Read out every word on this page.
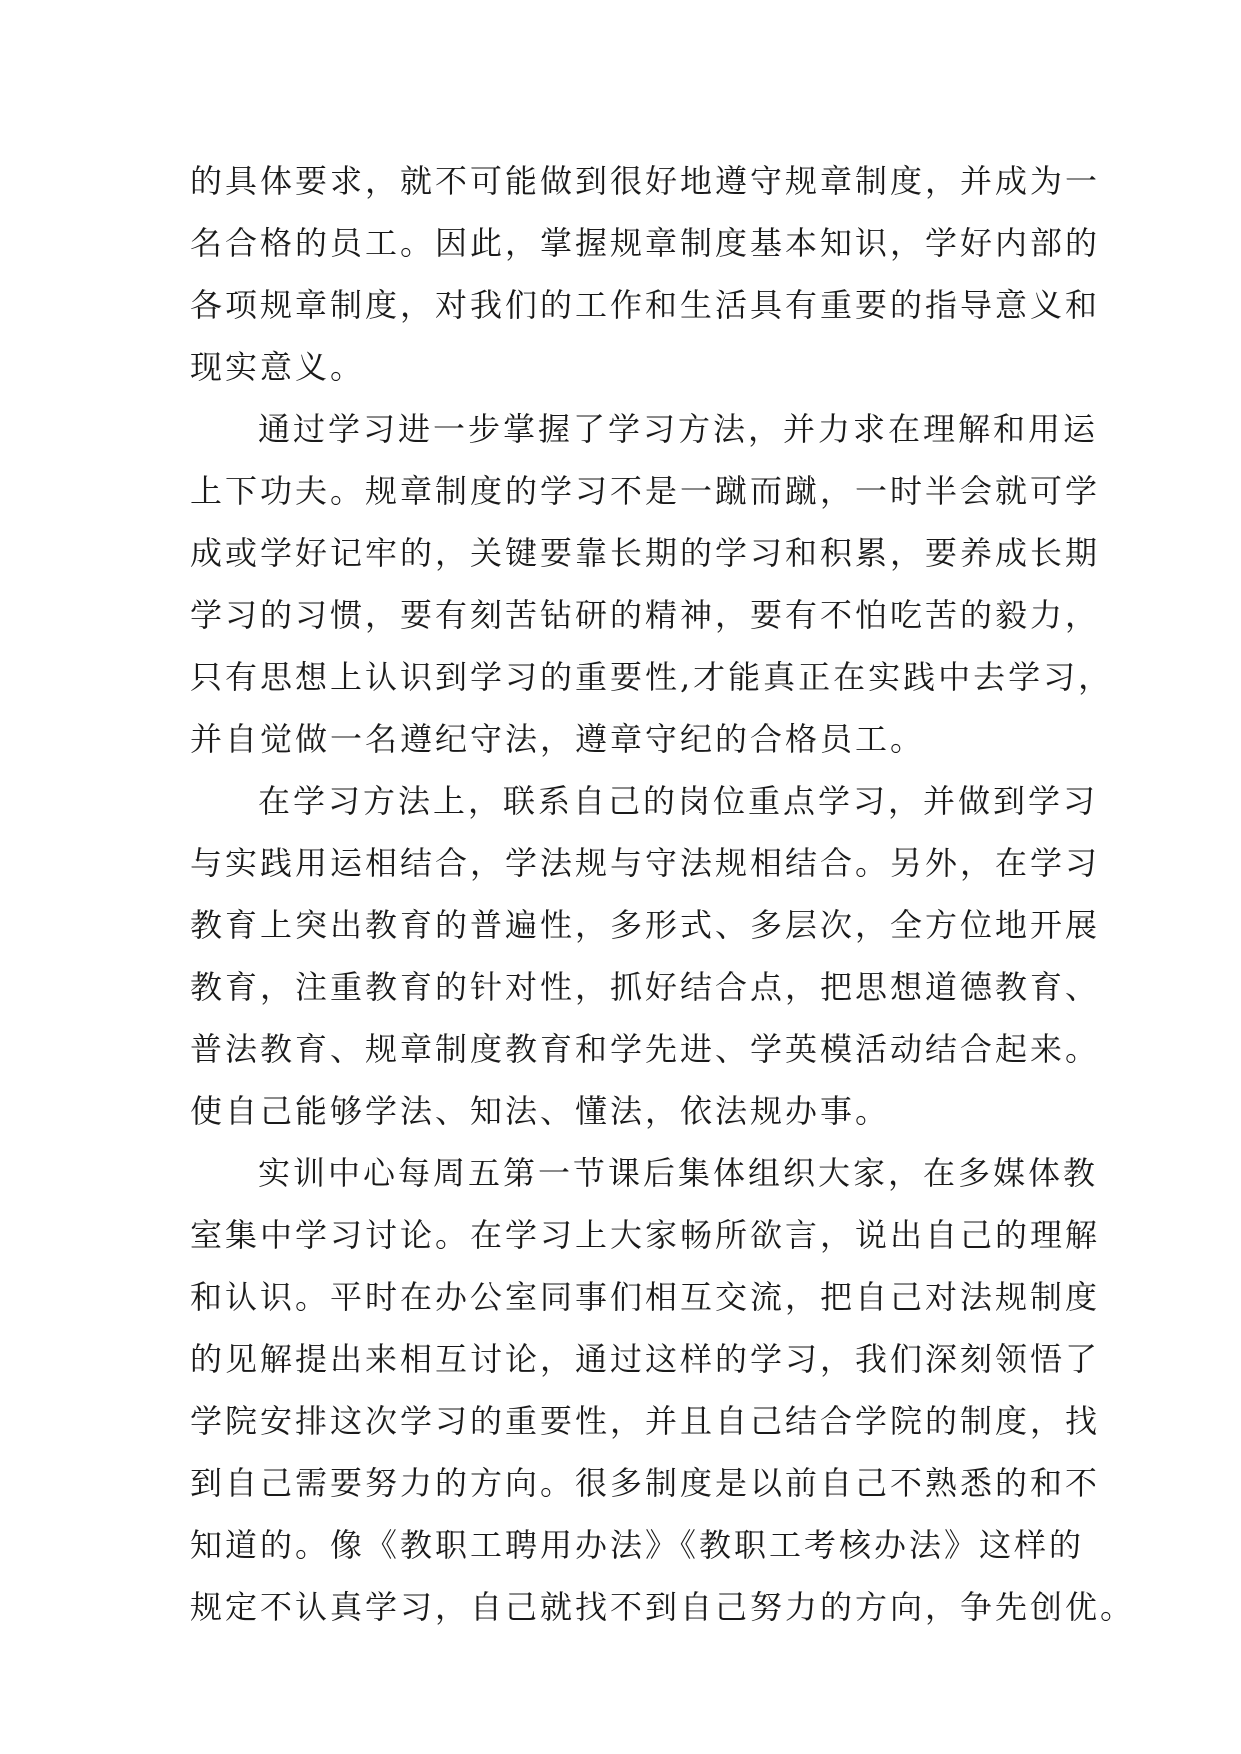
的具体要求，就不可能做到很好地遵守规章制度，并成为一
名合格的员工。因此，掌握规章制度基本知识，学好内部的
各项规章制度，对我们的工作和生活具有重要的指导意义和
现实意义。
通过学习进一步掌握了学习方法，并力求在理解和用运
上下功夫。规章制度的学习不是一蹴而蹴，一时半会就可学
成或学好记牢的，关键要靠长期的学习和积累，要养成长期
学习的习惯，要有刻苦钻研的精神，要有不怕吃苦的毅力，
只有思想上认识到学习的重要性,才能真正在实践中去学习，
并自觉做一名遵纪守法，遵章守纪的合格员工。
在学习方法上，联系自己的岗位重点学习，并做到学习
与实践用运相结合，学法规与守法规相结合。另外，在学习
教育上突出教育的普遍性，多形式、多层次，全方位地开展
教育，注重教育的针对性，抓好结合点，把思想道德教育、
普法教育、规章制度教育和学先进、学英模活动结合起来。
使自己能够学法、知法、懂法，依法规办事。
实训中心每周五第一节课后集体组织大家，在多媒体教
室集中学习讨论。在学习上大家畅所欲言，说出自己的理解
和认识。平时在办公室同事们相互交流，把自己对法规制度
的见解提出来相互讨论，通过这样的学习，我们深刻领悟了
学院安排这次学习的重要性，并且自己结合学院的制度，找
到自己需要努力的方向。很多制度是以前自己不熟悉的和不
知道的。像《教职工聘用办法》《教职工考核办法》这样的
规定不认真学习，自己就找不到自己努力的方向，争先创优。
